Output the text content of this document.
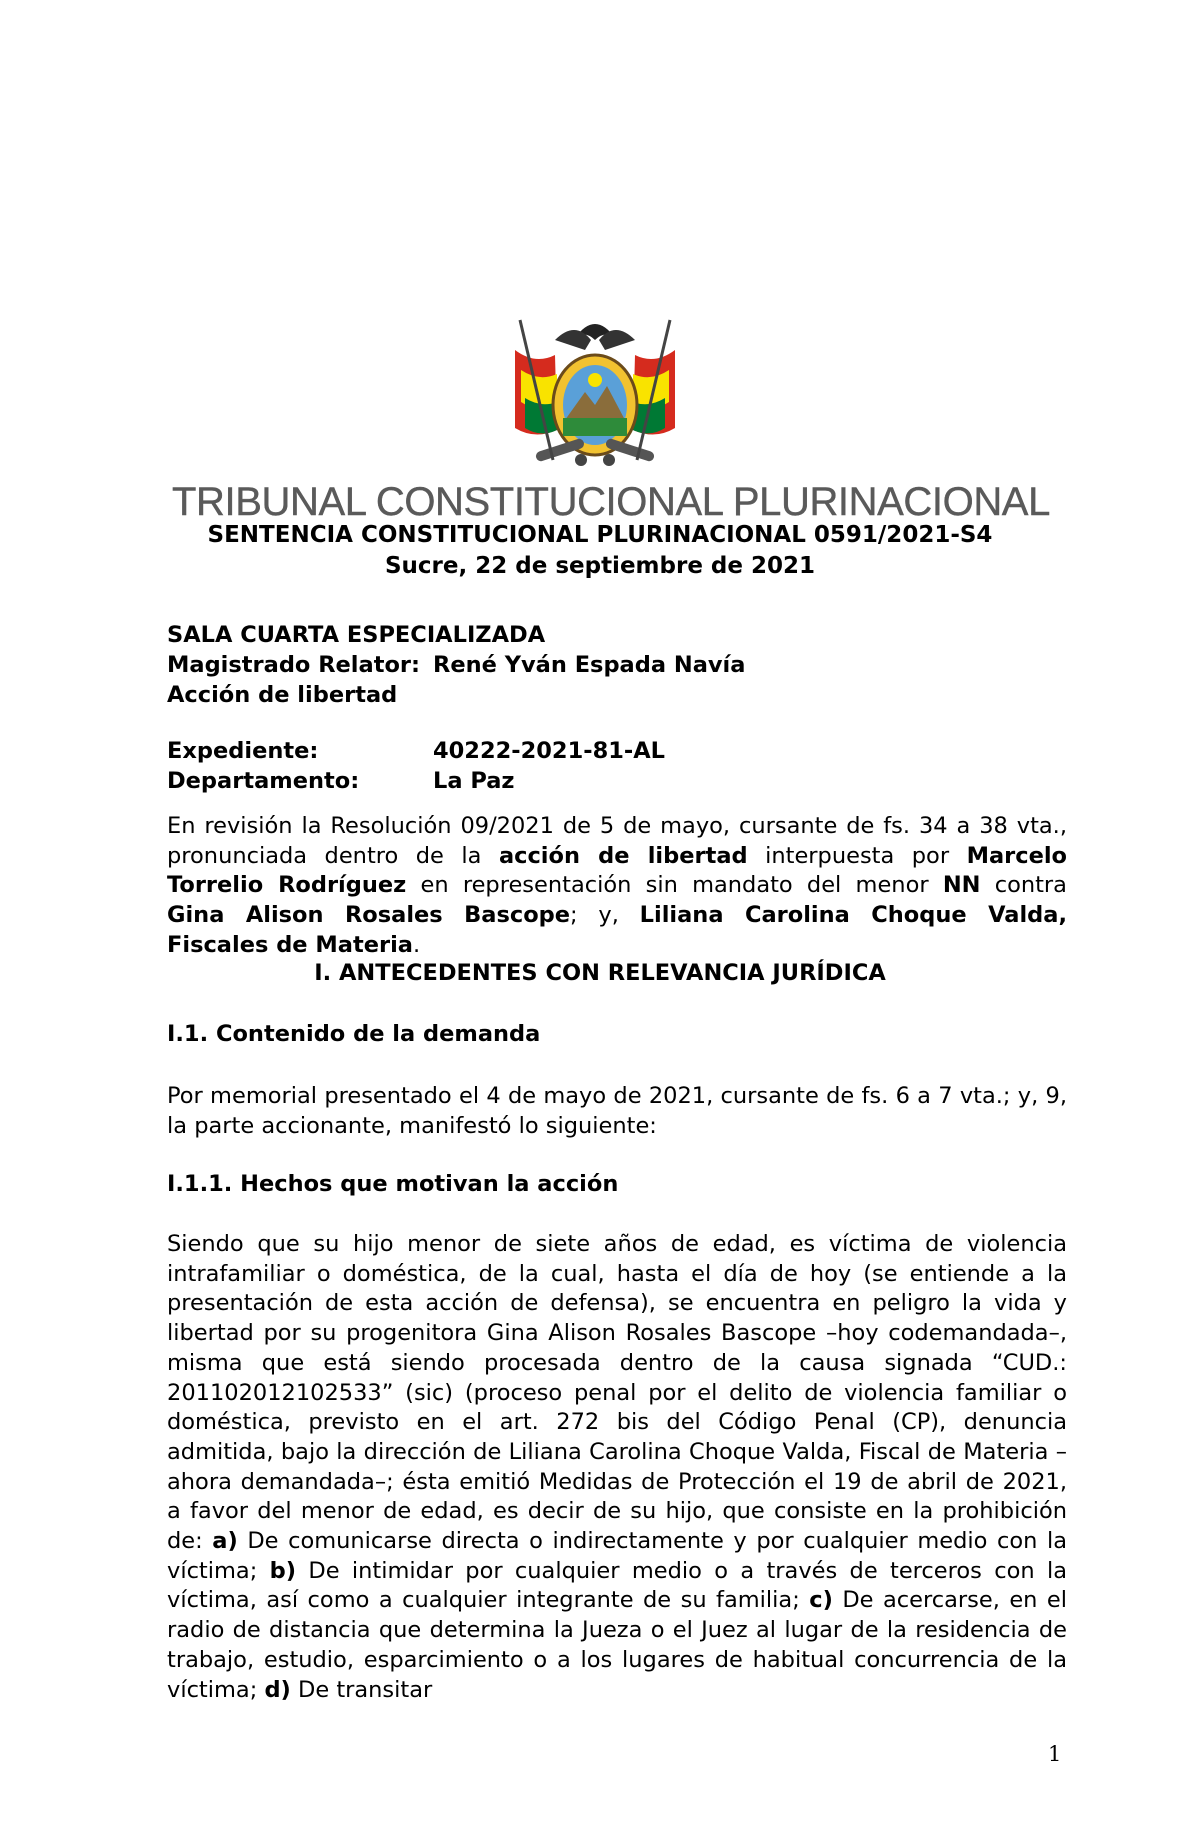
TRIBUNAL CONSTITUCIONAL PLURINACIONAL
SENTENCIA CONSTITUCIONAL PLURINACIONAL 0591/2021-S4
Sucre, 22 de septiembre de 2021
SALA CUARTA ESPECIALIZADA
Magistrado Relator: René Yván Espada Navía
Acción de libertad
Expediente:	40222-2021-81-AL
Departamento:	La Paz
En revisión la Resolución 09/2021 de 5 de mayo, cursante de fs. 34 a 38 vta., pronunciada dentro de la acción de libertad interpuesta por Marcelo Torrelio Rodríguez en representación sin mandato del menor NN contra Gina Alison Rosales Bascope; y, Liliana Carolina Choque Valda, Fiscales de Materia.
I. ANTECEDENTES CON RELEVANCIA JURÍDICA
I.1. Contenido de la demanda
Por memorial presentado el 4 de mayo de 2021, cursante de fs. 6 a 7 vta.; y, 9, la parte accionante, manifestó lo siguiente:
I.1.1. Hechos que motivan la acción
Siendo que su hijo menor de siete años de edad, es víctima de violencia intrafamiliar o doméstica, de la cual, hasta el día de hoy (se entiende a la presentación de esta acción de defensa), se encuentra en peligro la vida y libertad por su progenitora Gina Alison Rosales Bascope –hoy codemandada–, misma que está siendo procesada dentro de la causa signada “CUD.: 201102012102533” (sic) (proceso penal por el delito de violencia familiar o doméstica, previsto en el art. 272 bis del Código Penal (CP), denuncia admitida, bajo la dirección de Liliana Carolina Choque Valda, Fiscal de Materia –ahora demandada–; ésta emitió Medidas de Protección el 19 de abril de 2021, a favor del menor de edad, es decir de su hijo, que consiste en la prohibición de: a) De comunicarse directa o indirectamente y por cualquier medio con la víctima; b) De intimidar por cualquier medio o a través de terceros con la víctima, así como a cualquier integrante de su familia; c) De acercarse, en el radio de distancia que determina la Jueza o el Juez al lugar de la residencia de trabajo, estudio, esparcimiento o a los lugares de habitual concurrencia de la víctima; d) De transitar
1
